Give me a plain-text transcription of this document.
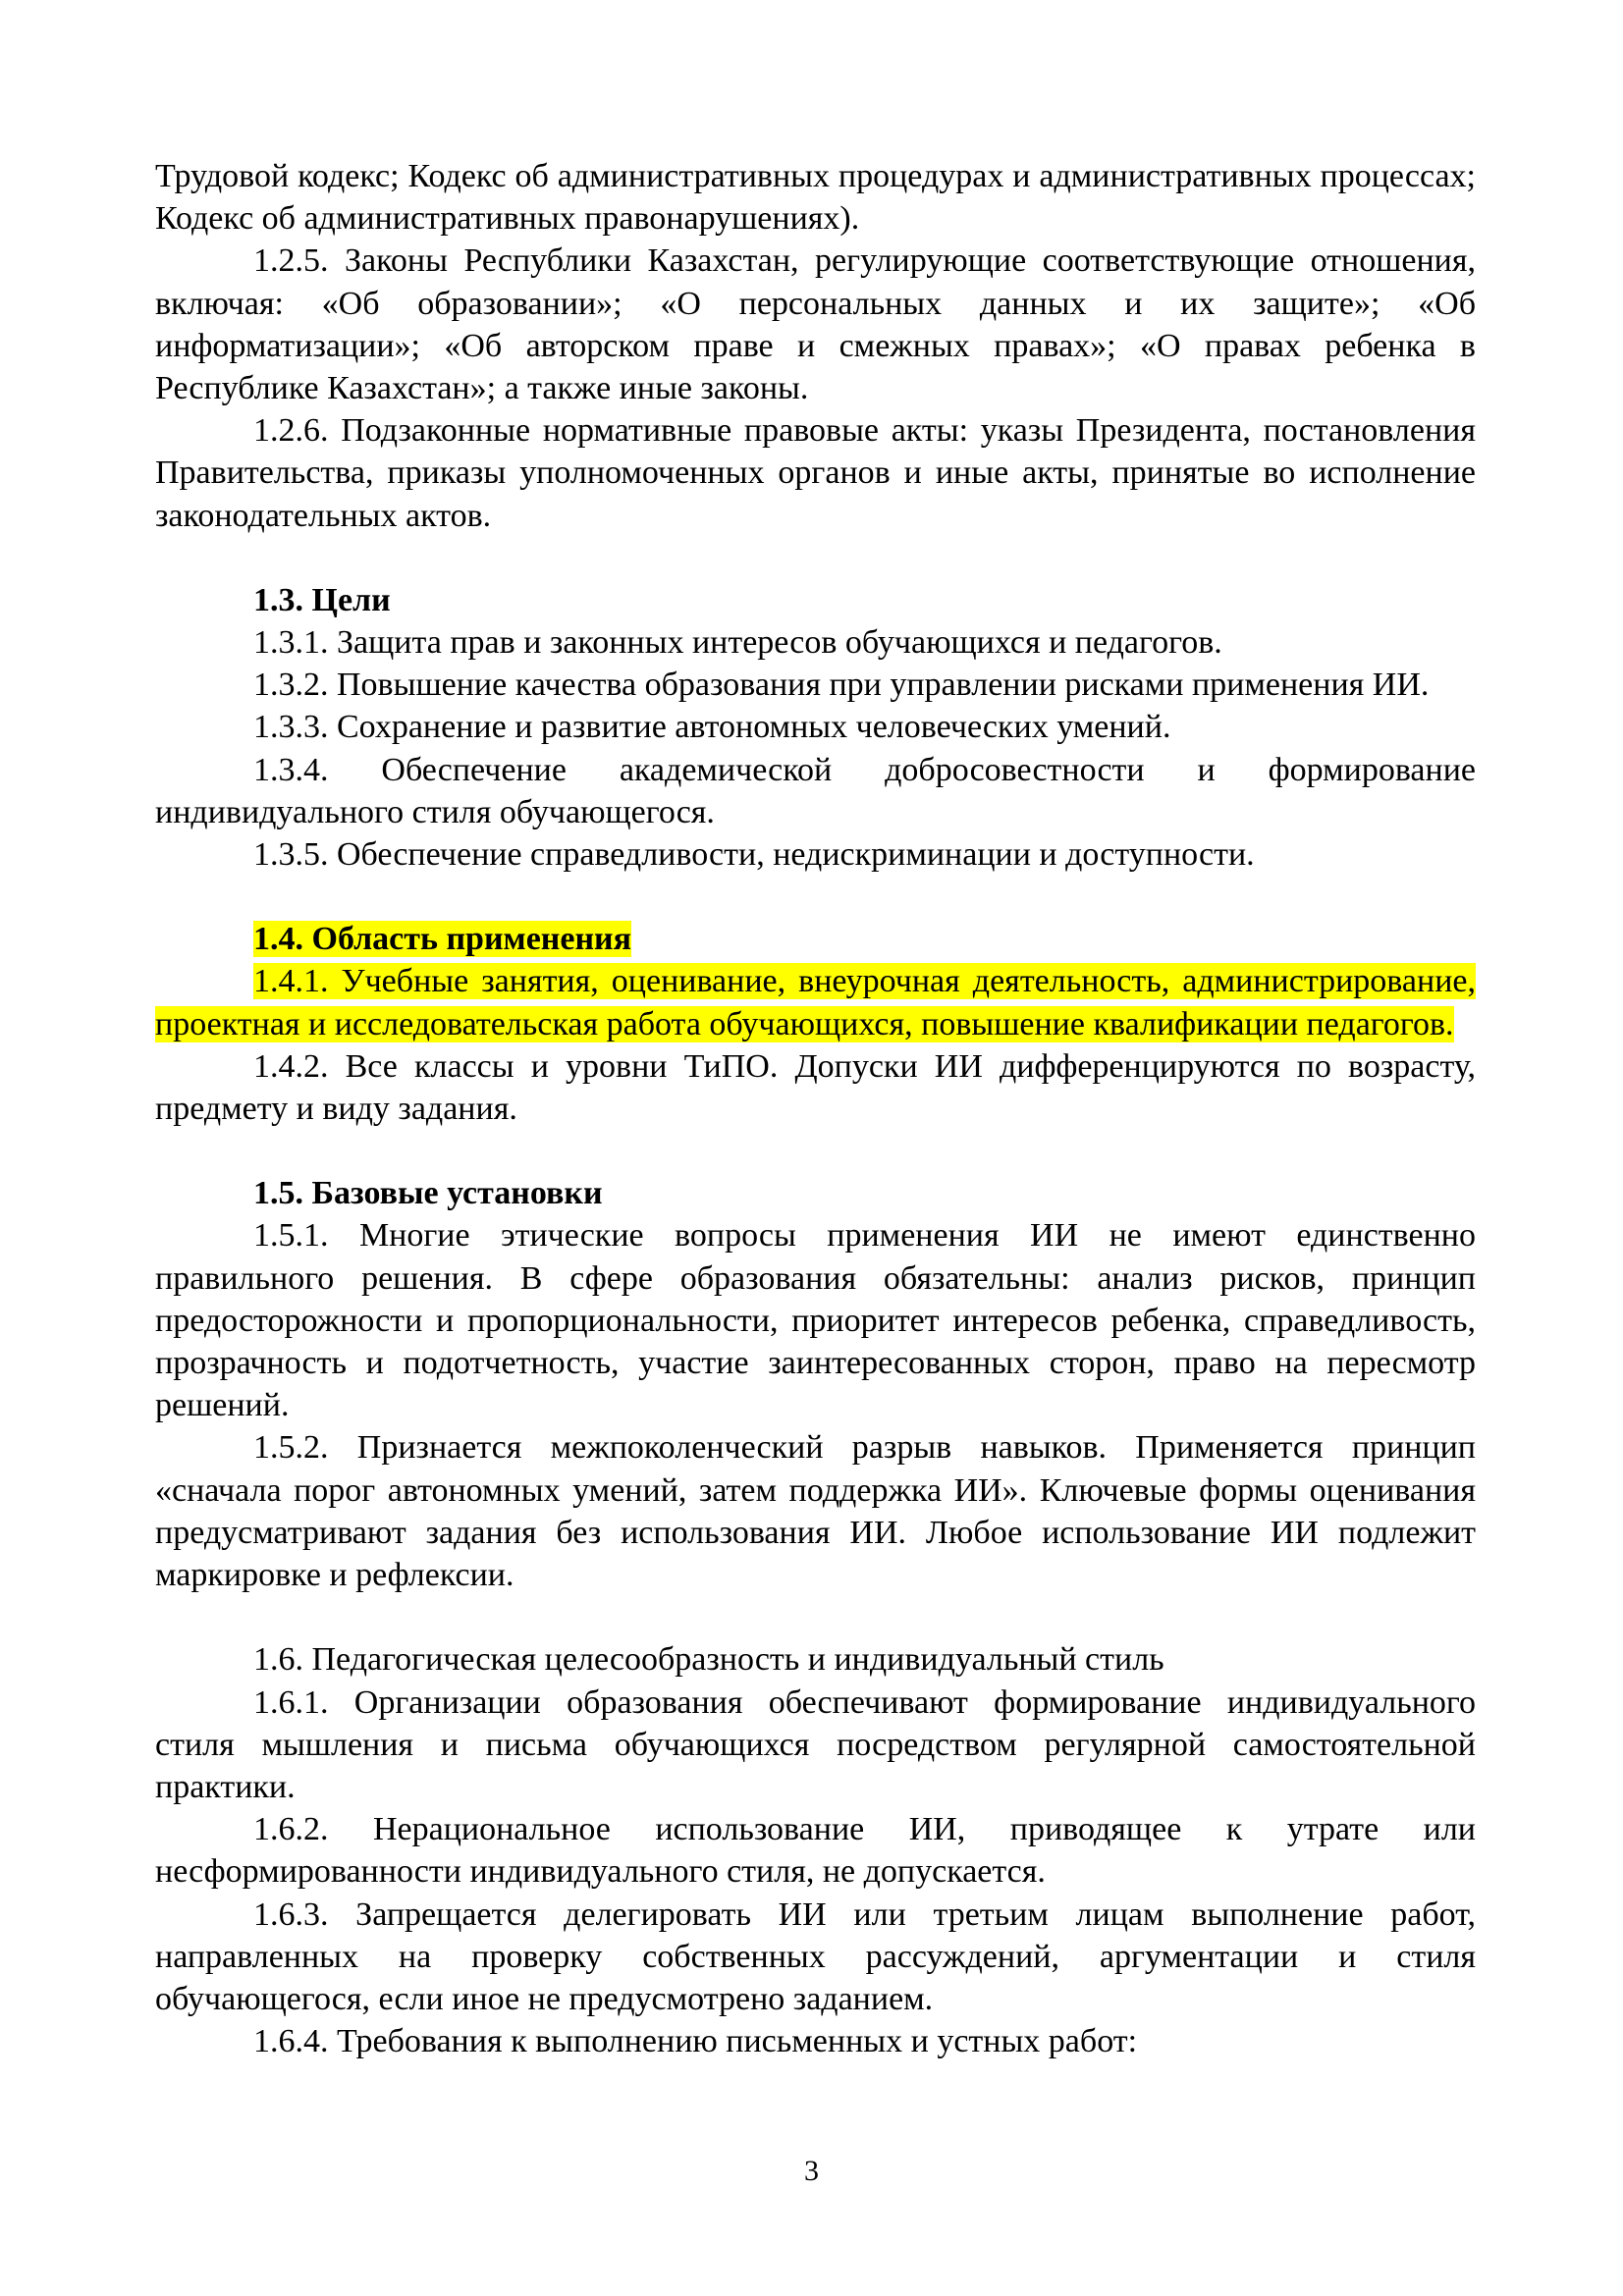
Трудовой кодекс; Кодекс об административных процедурах и административных процессах; Кодекс об административных правонарушениях).

1.2.5. Законы Республики Казахстан, регулирующие соответствующие отношения, включая: «Об образовании»; «О персональных данных и их защите»; «Об информатизации»; «Об авторском праве и смежных правах»; «О правах ребенка в Республике Казахстан»; а также иные законы.

1.2.6. Подзаконные нормативные правовые акты: указы Президента, постановления Правительства, приказы уполномоченных органов и иные акты, принятые во исполнение законодательных актов.

1.3. Цели

1.3.1. Защита прав и законных интересов обучающихся и педагогов.

1.3.2. Повышение качества образования при управлении рисками применения ИИ.

1.3.3. Сохранение и развитие автономных человеческих умений.

1.3.4. Обеспечение академической добросовестности и формирование индивидуального стиля обучающегося.

1.3.5. Обеспечение справедливости, недискриминации и доступности.

1.4. Область применения

1.4.1. Учебные занятия, оценивание, внеурочная деятельность, администрирование, проектная и исследовательская работа обучающихся, повышение квалификации педагогов.

1.4.2. Все классы и уровни ТиПО. Допуски ИИ дифференцируются по возрасту, предмету и виду задания.

1.5. Базовые установки

1.5.1. Многие этические вопросы применения ИИ не имеют единственно правильного решения. В сфере образования обязательны: анализ рисков, принцип предосторожности и пропорциональности, приоритет интересов ребенка, справедливость, прозрачность и подотчетность, участие заинтересованных сторон, право на пересмотр решений.

1.5.2. Признается межпоколенческий разрыв навыков. Применяется принцип «сначала порог автономных умений, затем поддержка ИИ». Ключевые формы оценивания предусматривают задания без использования ИИ. Любое использование ИИ подлежит маркировке и рефлексии.

1.6. Педагогическая целесообразность и индивидуальный стиль

1.6.1. Организации образования обеспечивают формирование индивидуального стиля мышления и письма обучающихся посредством регулярной самостоятельной практики.

1.6.2. Нерациональное использование ИИ, приводящее к утрате или несформированности индивидуального стиля, не допускается.

1.6.3. Запрещается делегировать ИИ или третьим лицам выполнение работ, направленных на проверку собственных рассуждений, аргументации и стиля обучающегося, если иное не предусмотрено заданием.

1.6.4. Требования к выполнению письменных и устных работ:

3
